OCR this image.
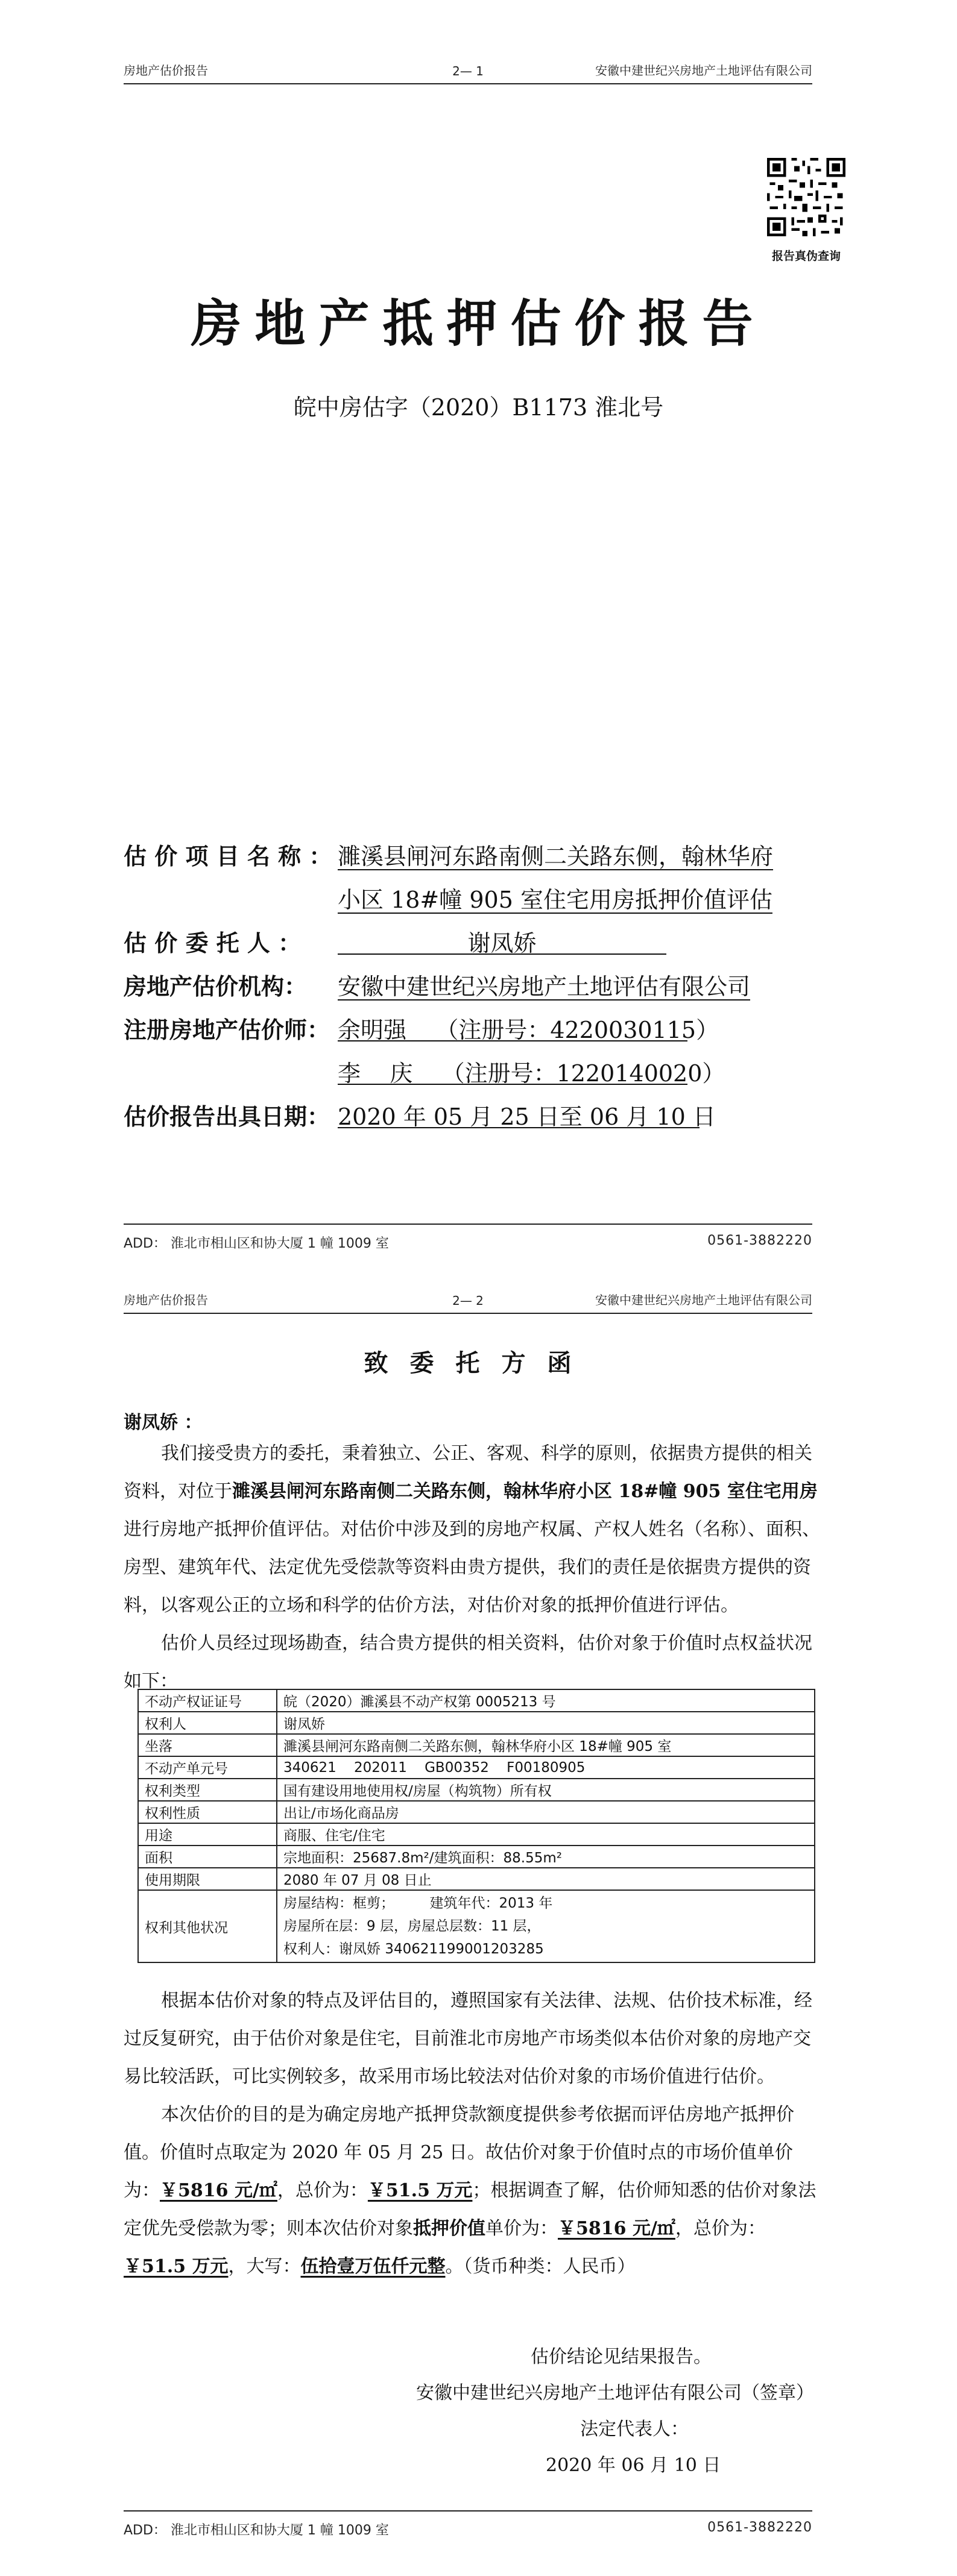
房地产估价报告	2— 1	安徽中建世纪兴房地产土地评估有限公司
报告真伪查询
房地产抵押估价报告
皖中房估字（2020）B1173 淮北号
估 价 项 目 名 称 ： 濉溪县闸河东路南侧二关路东侧，翰林华府
小区 18#幢 905 室住宅用房抵押价值评估
估 价 委 托 人 ：	谢凤娇
房地产估价机构： 安徽中建世纪兴房地产土地评估有限公司
注册房地产估价师： 余明强    （注册号：4220030115）
李    庆    （注册号：1220140020）
估价报告出具日期： 2020 年 05 月 25 日至 06 月 10 日
ADD： 淮北市相山区和协大厦 1 幢 1009 室	0561-3882220
房地产估价报告	2— 2	安徽中建世纪兴房地产土地评估有限公司
致委托方函
谢凤娇 ：

我们接受贵方的委托，秉着独立、公正、客观、科学的原则，依据贵方提供的相关资料，对位于濉溪县闸河东路南侧二关路东侧，翰林华府小区 18#幢 905 室住宅用房进行房地产抵押价值评估。对估价中涉及到的房地产权属、产权人姓名（名称）、面积、房型、建筑年代、法定优先受偿款等资料由贵方提供，我们的责任是依据贵方提供的资料，以客观公正的立场和科学的估价方法，对估价对象的抵押价值进行评估。

估价人员经过现场勘查，结合贵方提供的相关资料，估价对象于价值时点权益状况如下：

不动产权证证号	皖（2020）濉溪县不动产权第 0005213 号
权利人	谢凤娇
坐落	濉溪县闸河东路南侧二关路东侧，翰林华府小区 18#幢 905 室
不动产单元号	340621    202011    GB00352    F00180905
权利类型	国有建设用地使用权/房屋（构筑物）所有权
权利性质	出让/市场化商品房
用途	商服、住宅/住宅
面积	宗地面积：25687.8m²/建筑面积：88.55m²
使用期限	2080 年 07 月 08 日止
权利其他状况	房屋结构：框剪；        建筑年代：2013 年
房屋所在层：9 层，房屋总层数：11 层，
权利人：谢凤娇 340621199001203285

根据本估价对象的特点及评估目的，遵照国家有关法律、法规、估价技术标准，经过反复研究，由于估价对象是住宅，目前淮北市房地产市场类似本估价对象的房地产交易比较活跃，可比实例较多，故采用市场比较法对估价对象的市场价值进行估价。

本次估价的目的是为确定房地产抵押贷款额度提供参考依据而评估房地产抵押价值。价值时点取定为 2020 年 05 月 25 日。故估价对象于价值时点的市场价值单价为：￥5816 元/㎡，总价为：￥51.5 万元；根据调查了解，估价师知悉的估价对象法定优先受偿款为零；则本次估价对象抵押价值单价为：￥5816 元/㎡，总价为：￥51.5 万元，大写：伍拾壹万伍仟元整。（货币种类：人民币）

估价结论见结果报告。
安徽中建世纪兴房地产土地评估有限公司（签章）
法定代表人：
2020 年 06 月 10 日
ADD： 淮北市相山区和协大厦 1 幢 1009 室	0561-3882220
